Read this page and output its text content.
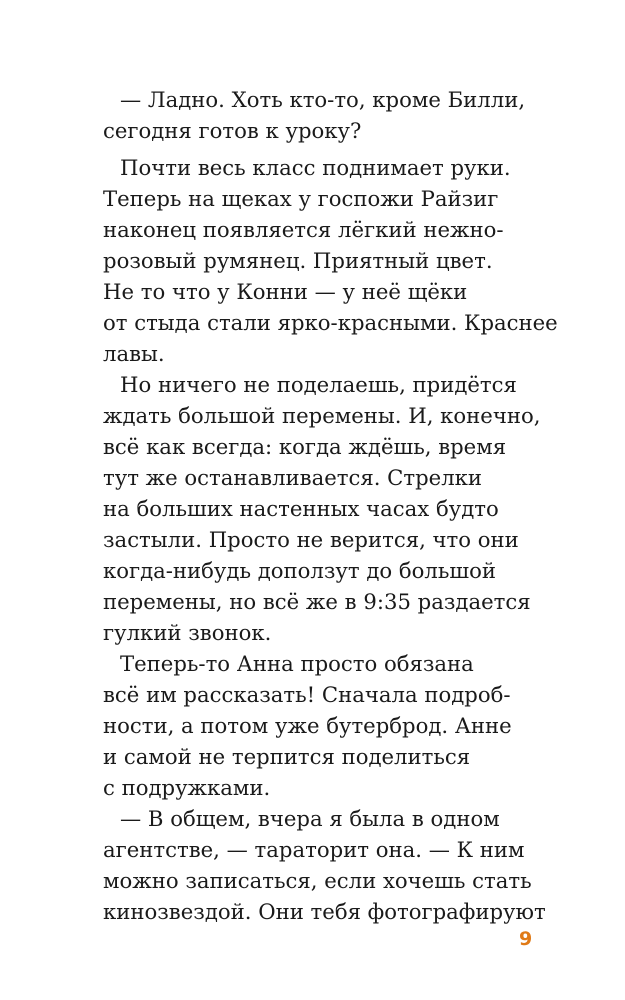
— Ладно. Хоть кто-то, кроме Билли,
сегодня готов к уроку?
Почти весь класс поднимает руки.
Теперь на щеках у госпожи Райзиг
наконец появляется лёгкий нежно-
розовый румянец. Приятный цвет.
Не то что у Конни — у неё щёки
от стыда стали ярко-красными. Краснее
лавы.
Но ничего не поделаешь, придётся
ждать большой перемены. И, конечно,
всё как всегда: когда ждёшь, время
тут же останавливается. Стрелки
на больших настенных часах будто
застыли. Просто не верится, что они
когда-нибудь доползут до большой
перемены, но всё же в 9:35 раздается
гулкий звонок.
Теперь-то Анна просто обязана
всё им рассказать! Сначала подроб-
ности, а потом уже бутерброд. Анне
и самой не терпится поделиться
с подружками.
— В общем, вчера я была в одном
агентстве, — тараторит она. — К ним
можно записаться, если хочешь стать
кинозвездой. Они тебя фотографируют
9
